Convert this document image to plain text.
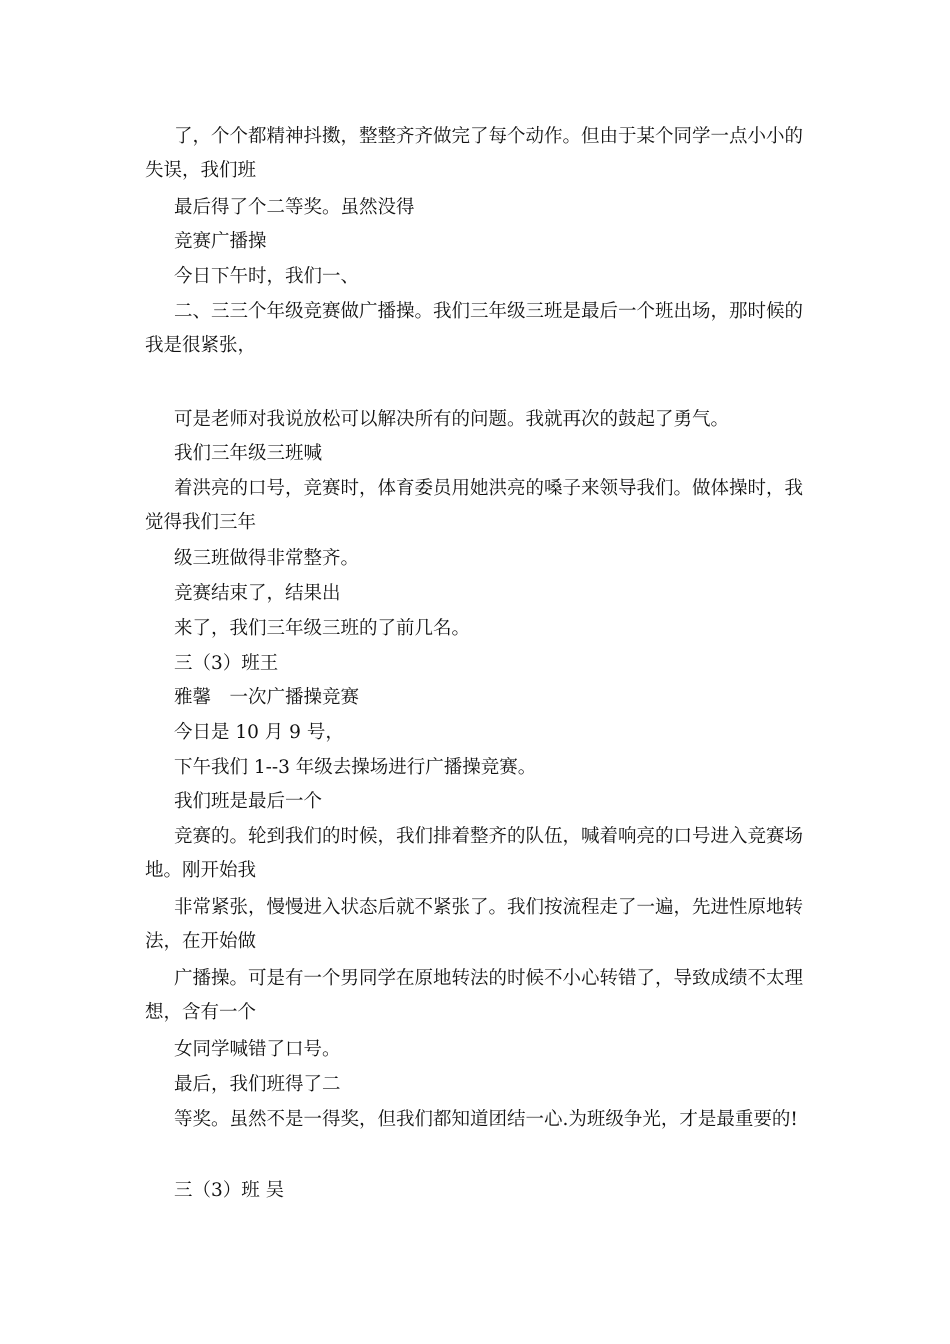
了，个个都精神抖擞，整整齐齐做完了每个动作。但由于某个同学一点小小的失误，我们班

最后得了个二等奖。虽然没得

竞赛广播操

今日下午时，我们一、

二、三三个年级竞赛做广播操。我们三年级三班是最后一个班出场，那时候的我是很紧张，

可是老师对我说放松可以解决所有的问题。我就再次的鼓起了勇气。

我们三年级三班喊

着洪亮的口号，竞赛时，体育委员用她洪亮的嗓子来领导我们。做体操时，我觉得我们三年

级三班做得非常整齐。

竞赛结束了，结果出

来了，我们三年级三班的了前几名。

三（3）班王

雅馨　一次广播操竞赛

今日是 10 月 9 号，

下午我们 1--3 年级去操场进行广播操竞赛。

我们班是最后一个

竞赛的。轮到我们的时候，我们排着整齐的队伍，喊着响亮的口号进入竞赛场地。刚开始我

非常紧张，慢慢进入状态后就不紧张了。我们按流程走了一遍，先进性原地转法，在开始做

广播操。可是有一个男同学在原地转法的时候不小心转错了，导致成绩不太理想，含有一个

女同学喊错了口号。

最后，我们班得了二

等奖。虽然不是一得奖，但我们都知道团结一心.为班级争光，才是最重要的!

三（3）班 吴
